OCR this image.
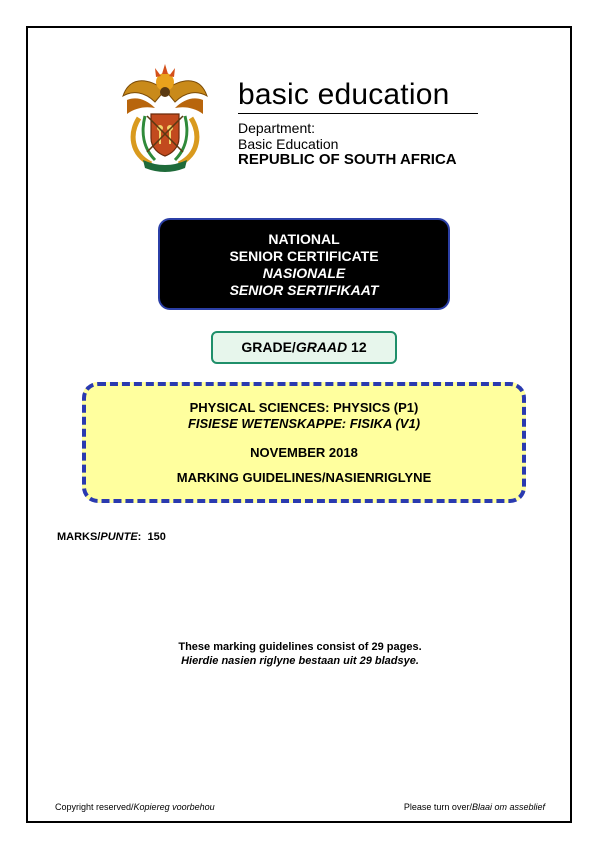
basic education
Department:
Basic Education
REPUBLIC OF SOUTH AFRICA
NATIONAL
SENIOR CERTIFICATE
NASIONALE
SENIOR SERTIFIKAAT
GRADE/GRAAD 12
PHYSICAL SCIENCES: PHYSICS (P1)
FISIESE WETENSKAPPE: FISIKA (V1)
NOVEMBER 2018
MARKING GUIDELINES/NASIENRIGLYNE
MARKS/PUNTE:  150
These marking guidelines consist of 29 pages.
Hierdie nasien riglyne bestaan uit 29 bladsye.
Copyright reserved/Kopiereg voorbehou	Please turn over/Blaai om asseblief
